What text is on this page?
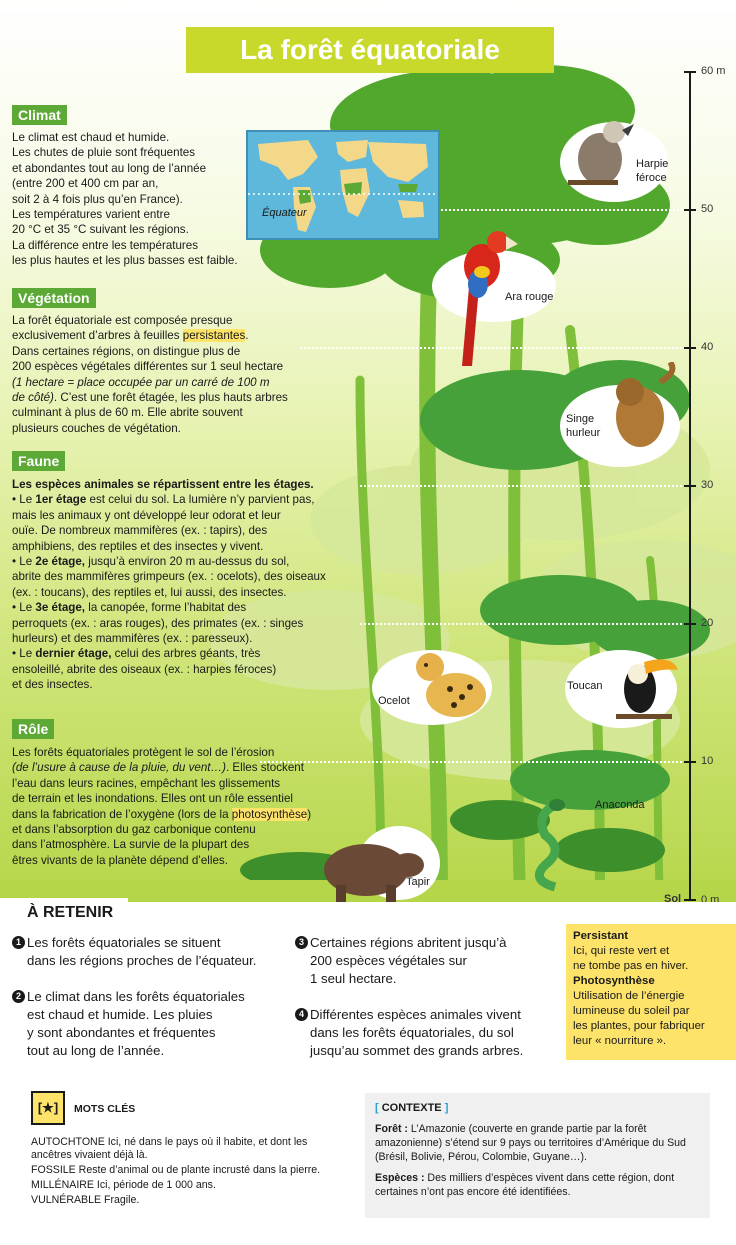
60 m
50
40
30
20
10
0 m
Sol
La forêt équatoriale
Équateur
Climat

Le climat est chaud et humide.

Les chutes de pluie sont fréquentes

et abondantes tout au long de l’année

(entre 200 et 400 cm par an,

soit 2 à 4 fois plus qu’en France).

Les températures varient entre

20 °C et 35 °C suivant les régions.

La différence entre les températures

les plus hautes et les plus basses est faible.

Végétation

La forêt équatoriale est composée presque

exclusivement d’arbres à feuilles persistantes.

Dans certaines régions, on distingue plus de

200 espèces végétales différentes sur 1 seul hectare

(1 hectare = place occupée par un carré de 100 m

de côté). C’est une forêt étagée, les plus hauts arbres

culminant à plus de 60 m. Elle abrite souvent

plusieurs couches de végétation.

Faune

Les espèces animales se répartissent entre les étages.

• Le 1er étage est celui du sol. La lumière n’y parvient pas,

mais les animaux y ont développé leur odorat et leur

ouïe. De nombreux mammifères (ex. : tapirs), des

amphibiens, des reptiles et des insectes y vivent.

• Le 2e étage, jusqu’à environ 20 m au-dessus du sol,

abrite des mammifères grimpeurs (ex. : ocelots), des oiseaux

(ex. : toucans), des reptiles et, lui aussi, des insectes.

• Le 3e étage, la canopée, forme l’habitat des

perroquets (ex. : aras rouges), des primates (ex. : singes

hurleurs) et des mammifères (ex. : paresseux).

• Le dernier étage, celui des arbres géants, très

ensoleillé, abrite des oiseaux (ex. : harpies féroces)

et des insectes.

Rôle

Les forêts équatoriales protègent le sol de l’érosion

(de l’usure à cause de la pluie, du vent…). Elles stockent

l’eau dans leurs racines, empêchant les glissements

de terrain et les inondations. Elles ont un rôle essentiel

dans la fabrication de l’oxygène (lors de la photosynthèse)

et dans l’absorption du gaz carbonique contenu

dans l’atmosphère. La survie de la plupart des

êtres vivants de la planète dépend d’elles.

Harpie
féroce
Ara rouge
Singe
hurleur
Ocelot
Toucan
Anaconda
Tapir
À RETENIR
1 Les forêts équatoriales se situent
dans les régions proches de l’équateur.
2 Le climat dans les forêts équatoriales
est chaud et humide. Les pluies
y sont abondantes et fréquentes
tout au long de l’année.
3 Certaines régions abritent jusqu’à
200 espèces végétales sur
1 seul hectare.
4 Différentes espèces animales vivent
dans les forêts équatoriales, du sol
jusqu’au sommet des grands arbres.
Persistant
Ici, qui reste vert et
ne tombe pas en hiver.
Photosynthèse
Utilisation de l’énergie
lumineuse du soleil par
les plantes, pour fabriquer
leur « nourriture ».
[★]	MOTS CLÉS
AUTOCHTONE Ici, né dans le pays où il habite, et dont les
ancêtres vivaient déjà là.
FOSSILE Reste d’animal ou de plante incrusté dans la pierre.
MILLÉNAIRE Ici, période de 1 000 ans.
VULNÉRABLE Fragile.
[ CONTEXTE ]

Forêt : L’Amazonie (couverte en grande partie par la forêt amazonienne) s’étend sur 9 pays ou territoires d’Amérique du Sud (Brésil, Bolivie, Pérou, Colombie, Guyane…).

Espèces : Des milliers d’espèces vivent dans cette région, dont certaines n’ont pas encore été identifiées.
